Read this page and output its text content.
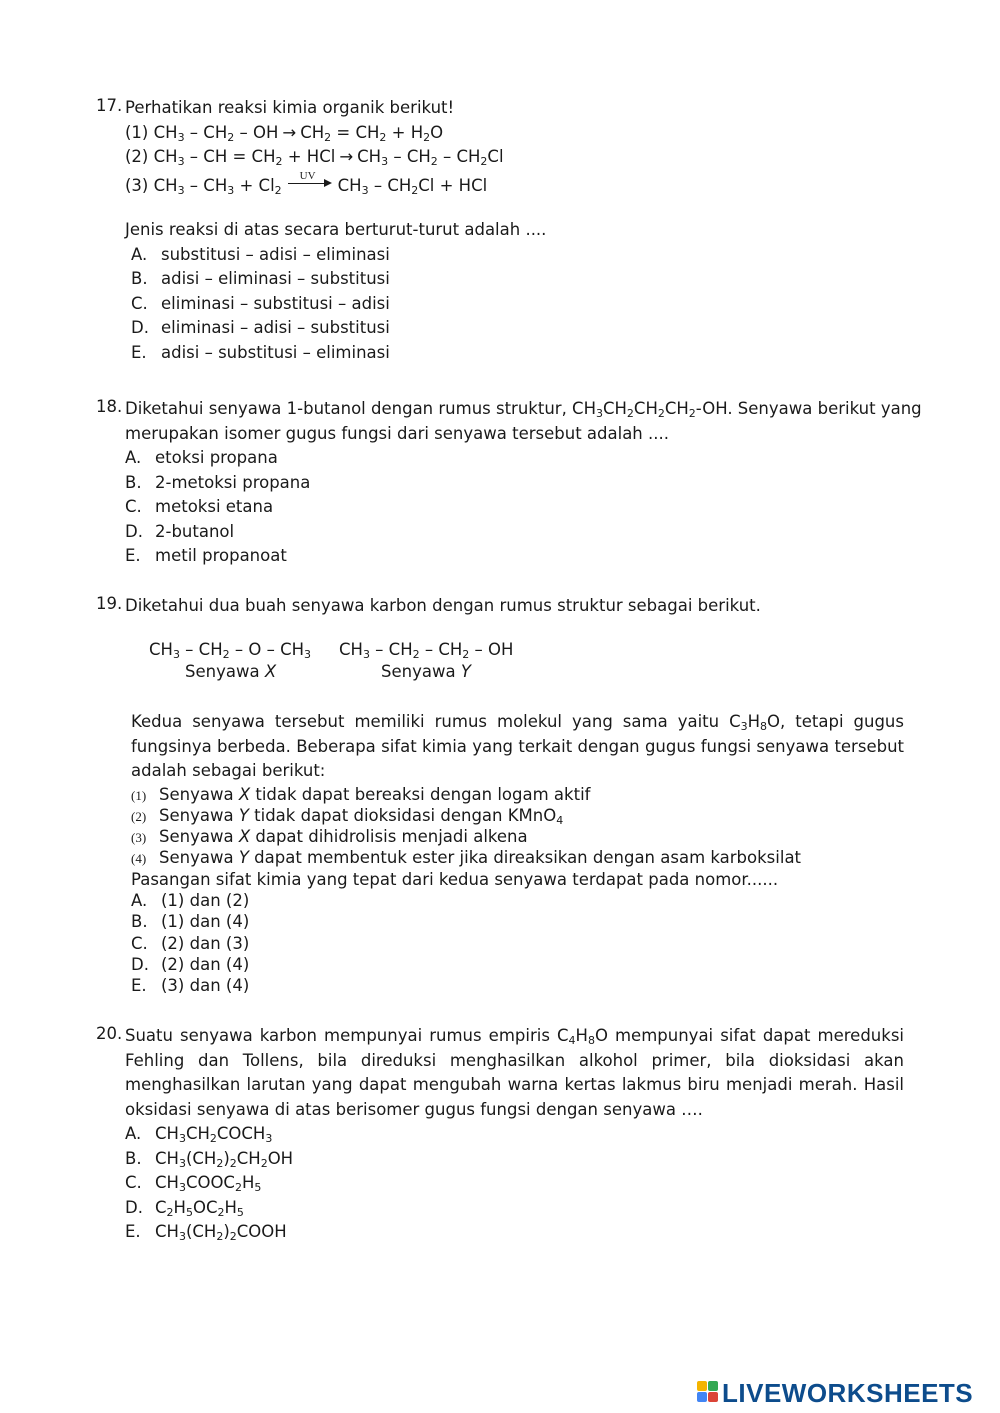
17. Perhatikan reaksi kimia organik berikut!
(1) $CH_3 - CH_2$ – OH → $CH_2 = CH_2 + H_2O$
(2) $CH_3$ – CH = $CH_2$ + HCl → $CH_3 - CH_2 - CH_2Cl$
(3) $CH_3 - CH_3 + Cl_2$
UV $CH_3 - CH_2Cl$ + HCl
Jenis reaksi di atas secara berturut-turut adalah ....
A. substitusi – adisi – eliminasi
B. adisi – eliminasi – substitusi
C. eliminasi – substitusi – adisi
D. eliminasi – adisi – substitusi
E. adisi – substitusi – eliminasi
18. Diketahui senyawa 1-butanol dengan rumus struktur, $CH_3CH_2CH_2CH_2-OH$. Senyawa berikut yang
merupakan isomer gugus fungsi dari senyawa tersebut adalah ....
A. etoksi propana
B. 2-metoksi propana
C. metoksi etana
D. 2-butanol
E. metil propanoat
19. Diketahui dua buah senyawa karbon dengan rumus struktur sebagai berikut.
$CH_3 - CH_2$ – O – $CH_3$ $CH_3 - CH_2 - CH_2$ – OH
Senyawa X	Senyawa Y
Kedua senyawa tersebut memiliki rumus molekul yang sama yaitu $C_3H_8O$, tetapi gugus fungsinya berbeda. Beberapa sifat kimia yang terkait dengan gugus fungsi senyawa tersebut adalah sebagai berikut:
(1) Senyawa X tidak dapat bereaksi dengan logam aktif
(2) Senyawa Y tidak dapat dioksidasi dengan KMnO$_4$
(3) Senyawa X dapat dihidrolisis menjadi alkena
(4) Senyawa Y dapat membentuk ester jika direaksikan dengan asam karboksilat
Pasangan sifat kimia yang tepat dari kedua senyawa terdapat pada nomor......
A. (1) dan (2)
B. (1) dan (4)
C. (2) dan (3)
D. (2) dan (4)
E. (3) dan (4)
20. Suatu senyawa karbon mempunyai rumus empiris $C_4H_8O$ mempunyai sifat dapat mereduksi Fehling dan Tollens, bila direduksi menghasilkan alkohol primer, bila dioksidasi akan menghasilkan larutan yang dapat mengubah warna kertas lakmus biru menjadi merah. Hasil oksidasi senyawa di atas berisomer gugus fungsi dengan senyawa ….
A. $CH_3CH_2COCH_3$
B. $CH_3(CH_2)_2CH_2OH$
C. $CH_3COOC_2H_5$
D. $C_2H_5OC_2H_5$
E. $CH_3(CH_2)_2COOH$
LIVEWORKSHEETS
